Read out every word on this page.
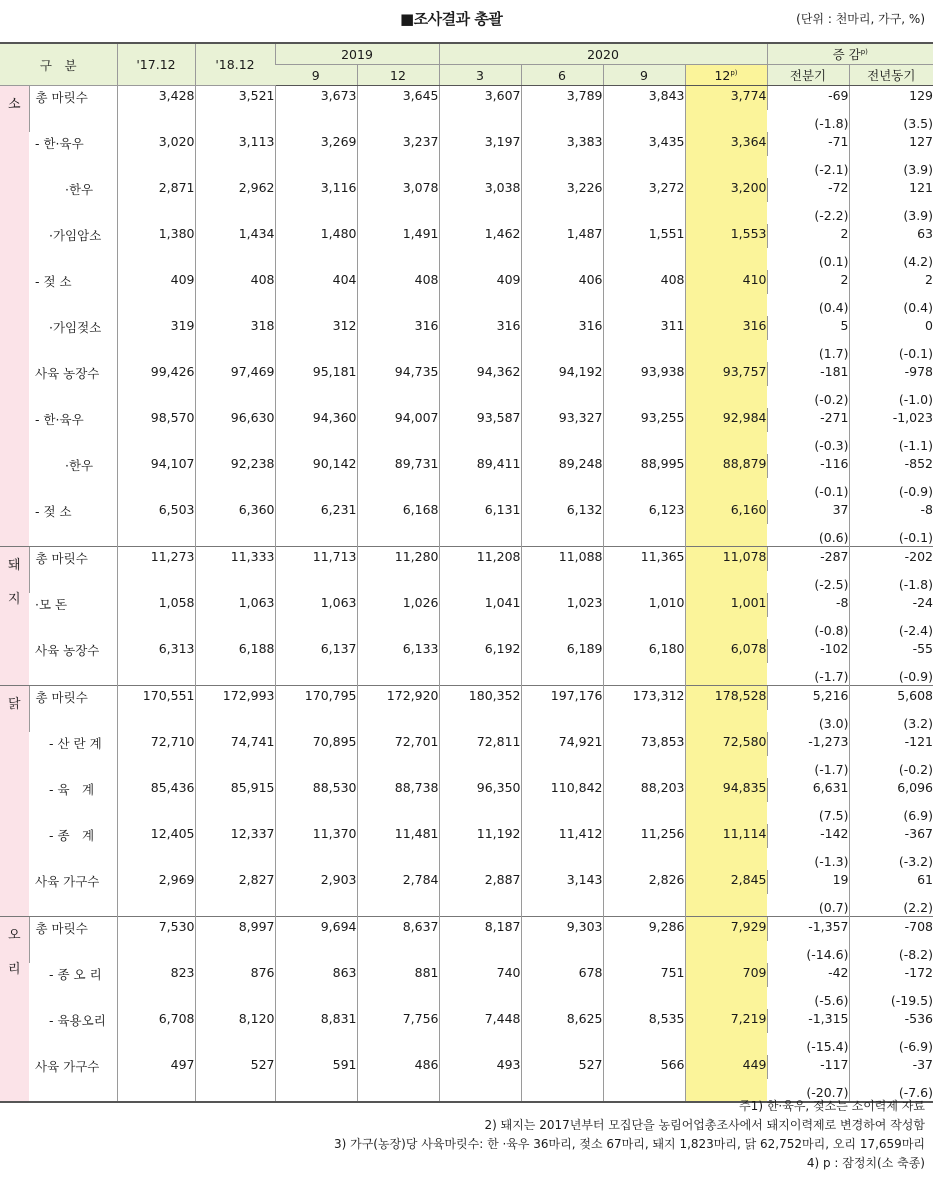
■조사결과 총괄	(단위 : 천마리, 가구, %)
구　분		'17.12	'18.12	2019		2020				증 감$^{p)}$
				9	12	3	6	9	12$^{p)}$	전분기	전년동기

소	총 마릿수	3,428	3,521	3,673	3,645	3,607	3,789	3,843	3,774	-69	129
										(-1.8)	(3.5)
	- 한·육우	3,020	3,113	3,269	3,237	3,197	3,383	3,435	3,364	-71	127
										(-2.1)	(3.9)
	·한우	2,871	2,962	3,116	3,078	3,038	3,226	3,272	3,200	-72	121
										(-2.2)	(3.9)
	·가임암소	1,380	1,434	1,480	1,491	1,462	1,487	1,551	1,553	2	63
										(0.1)	(4.2)
	- 젖 소	409	408	404	408	409	406	408	410	2	2
										(0.4)	(0.4)
	·가임젖소	319	318	312	316	316	316	311	316	5	0
										(1.7)	(-0.1)
	사육 농장수	99,426	97,469	95,181	94,735	94,362	94,192	93,938	93,757	-181	-978
										(-0.2)	(-1.0)
	- 한·육우	98,570	96,630	94,360	94,007	93,587	93,327	93,255	92,984	-271	-1,023
										(-0.3)	(-1.1)
	·한우	94,107	92,238	90,142	89,731	89,411	89,248	88,995	88,879	-116	-852
										(-0.1)	(-0.9)
	- 젖 소	6,503	6,360	6,231	6,168	6,131	6,132	6,123	6,160	37	-8
										(0.6)	(-0.1)

돼
지	총 마릿수	11,273	11,333	11,713	11,280	11,208	11,088	11,365	11,078	-287	-202
										(-2.5)	(-1.8)
	·모 돈	1,058	1,063	1,063	1,026	1,041	1,023	1,010	1,001	-8	-24
										(-0.8)	(-2.4)
	사육 농장수	6,313	6,188	6,137	6,133	6,192	6,189	6,180	6,078	-102	-55
										(-1.7)	(-0.9)

닭	총 마릿수	170,551	172,993	170,795	172,920	180,352	197,176	173,312	178,528	5,216	5,608
										(3.0)	(3.2)
	- 산 란 계	72,710	74,741	70,895	72,701	72,811	74,921	73,853	72,580	-1,273	-121
										(-1.7)	(-0.2)
	- 육　계	85,436	85,915	88,530	88,738	96,350	110,842	88,203	94,835	6,631	6,096
										(7.5)	(6.9)
	- 종　계	12,405	12,337	11,370	11,481	11,192	11,412	11,256	11,114	-142	-367
										(-1.3)	(-3.2)
	사육 가구수	2,969	2,827	2,903	2,784	2,887	3,143	2,826	2,845	19	61
										(0.7)	(2.2)

오
리	총 마릿수	7,530	8,997	9,694	8,637	8,187	9,303	9,286	7,929	-1,357	-708
										(-14.6)	(-8.2)
	- 종 오 리	823	876	863	881	740	678	751	709	-42	-172
										(-5.6)	(-19.5)
	- 육용오리	6,708	8,120	8,831	7,756	7,448	8,625	8,535	7,219	-1,315	-536
										(-15.4)	(-6.9)
	사육 가구수	497	527	591	486	493	527	566	449	-117	-37
										(-20.7)	(-7.6)
주1) 한·육우, 젖소는 소이력제 자료
2) 돼지는 2017년부터 모집단을 농림어업총조사에서 돼지이력제로 변경하여 작성함
3) 가구(농장)당 사육마릿수: 한 ·육우 36마리, 젖소 67마리, 돼지 1,823마리, 닭 62,752마리, 오리 17,659마리
4) p : 잠정치(소 축종)
